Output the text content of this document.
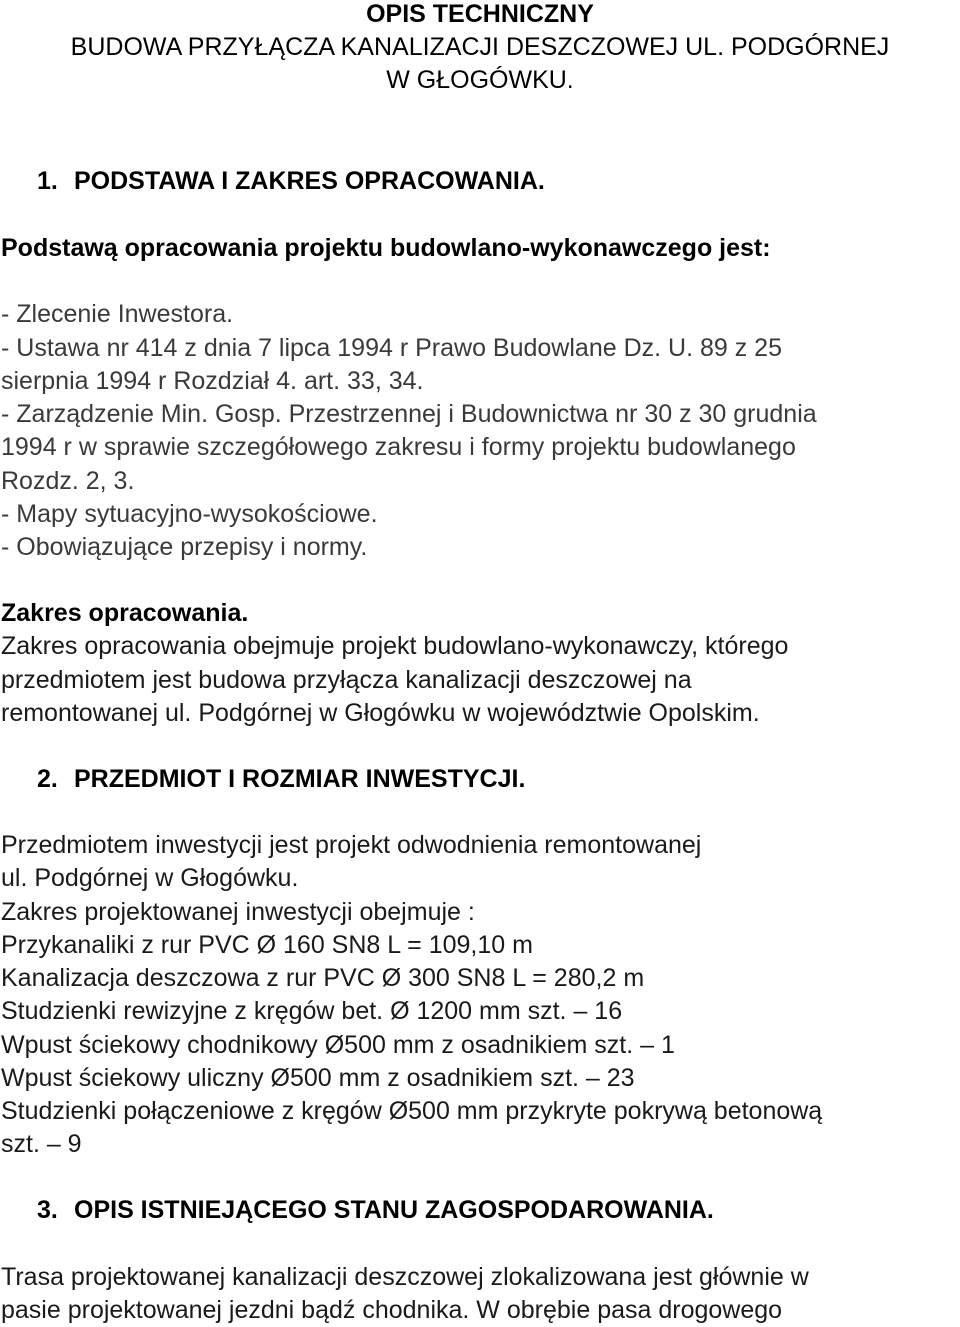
OPIS TECHNICZNY
BUDOWA PRZYŁĄCZA KANALIZACJI DESZCZOWEJ UL. PODGÓRNEJ
W GŁOGÓWKU.
1. PODSTAWA I ZAKRES OPRACOWANIA.
Podstawą opracowania projektu budowlano-wykonawczego jest:
- Zlecenie Inwestora.
- Ustawa nr 414 z dnia 7 lipca 1994 r Prawo Budowlane Dz. U. 89 z 25
sierpnia 1994 r Rozdział 4. art. 33, 34.
- Zarządzenie Min. Gosp. Przestrzennej i Budownictwa nr 30 z 30 grudnia
1994 r w sprawie szczegółowego zakresu i formy projektu budowlanego
Rozdz. 2, 3.
- Mapy sytuacyjno-wysokościowe.
- Obowiązujące przepisy i normy.
Zakres opracowania.
Zakres opracowania obejmuje projekt budowlano-wykonawczy, którego
przedmiotem jest budowa przyłącza kanalizacji deszczowej na
remontowanej ul. Podgórnej w Głogówku w województwie Opolskim.
2. PRZEDMIOT I ROZMIAR INWESTYCJI.
Przedmiotem inwestycji jest projekt odwodnienia remontowanej
ul. Podgórnej w Głogówku.
Zakres projektowanej inwestycji obejmuje :
Przykanaliki z rur PVC Ø 160 SN8 L = 109,10 m
Kanalizacja deszczowa z rur PVC Ø 300 SN8 L = 280,2 m
Studzienki rewizyjne z kręgów bet. Ø 1200 mm szt. – 16
Wpust ściekowy chodnikowy Ø500 mm z osadnikiem szt. – 1
Wpust ściekowy uliczny Ø500 mm z osadnikiem szt. – 23
Studzienki połączeniowe z kręgów Ø500 mm przykryte pokrywą betonową
szt. – 9
3. OPIS ISTNIEJĄCEGO STANU ZAGOSPODAROWANIA.
Trasa projektowanej kanalizacji deszczowej zlokalizowana jest głównie w
pasie projektowanej jezdni bądź chodnika. W obrębie pasa drogowego
